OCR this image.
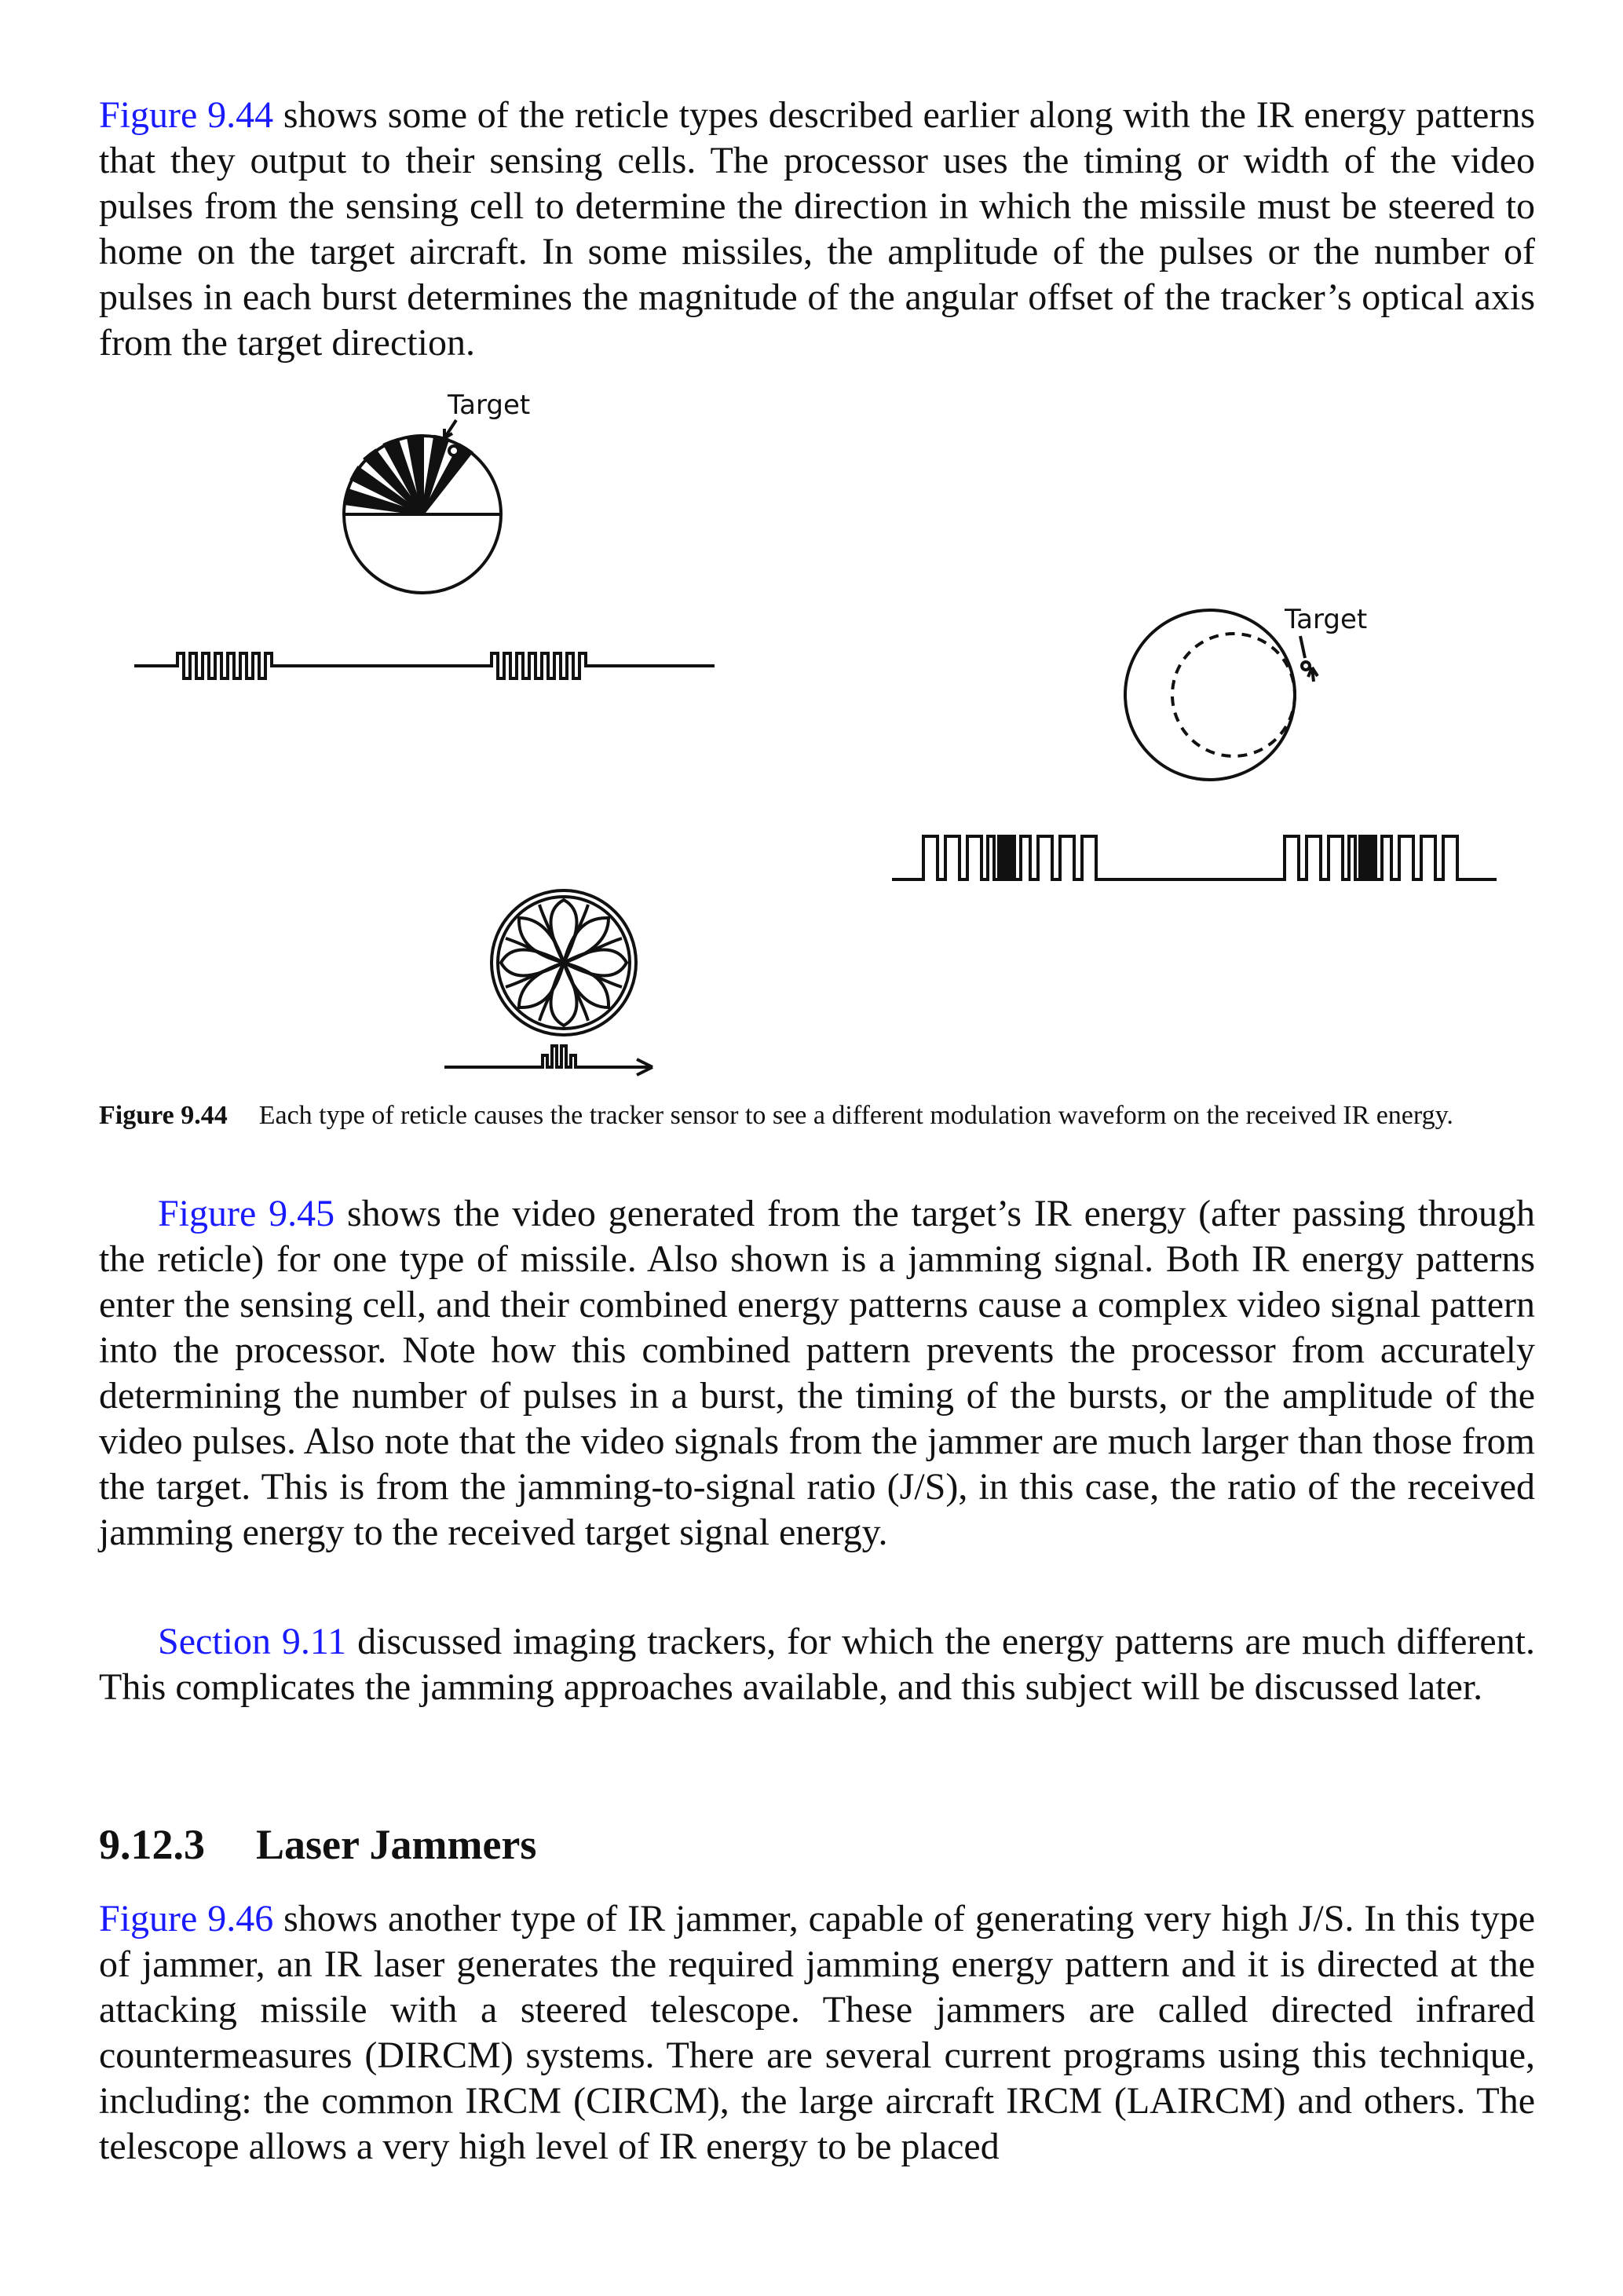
Figure 9.44 shows some of the reticle types described earlier along with the IR energy patterns that they output to their sensing cells. The processor uses the timing or width of the video pulses from the sensing cell to determine the direction in which the missile must be steered to home on the target aircraft. In some missiles, the amplitude of the pulses or the number of pulses in each burst determines the magnitude of the angular offset of the tracker’s optical axis from the target direction.

Target
Target

Figure 9.44 Each type of reticle causes the tracker sensor to see a different modulation waveform on the received IR energy.

Figure 9.45 shows the video generated from the target’s IR energy (after passing through the reticle) for one type of missile. Also shown is a jamming signal. Both IR energy patterns enter the sensing cell, and their combined energy patterns cause a complex video signal pattern into the processor. Note how this combined pattern prevents the processor from accurately determining the number of pulses in a burst, the timing of the bursts, or the amplitude of the video pulses. Also note that the video signals from the jammer are much larger than those from the target. This is from the jamming-to-signal ratio (J/S), in this case, the ratio of the received jamming energy to the received target signal energy.

Section 9.11 discussed imaging trackers, for which the energy patterns are much different. This complicates the jamming approaches available, and this subject will be discussed later.

9.12.3 Laser Jammers

Figure 9.46 shows another type of IR jammer, capable of generating very high J/S. In this type of jammer, an IR laser generates the required jamming energy pattern and it is directed at the attacking missile with a steered telescope. These jammers are called directed infrared countermeasures (DIRCM) systems. There are several current programs using this technique, including: the common IRCM (CIRCM), the large aircraft IRCM (LAIRCM) and others. The telescope allows a very high level of IR energy to be placed
